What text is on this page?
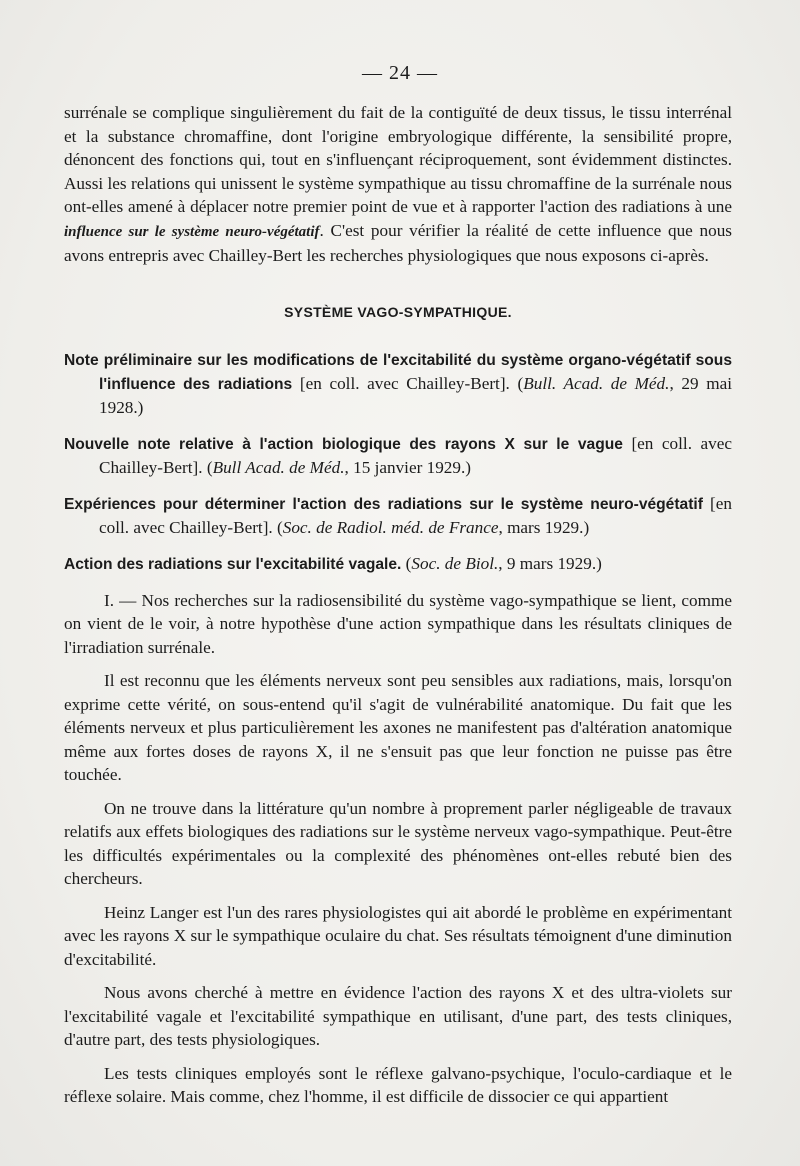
— 24 —

surrénale se complique singulièrement du fait de la contiguïté de deux tissus, le tissu interrénal et la substance chromaffine, dont l'origine embryologique différente, la sensibilité propre, dénoncent des fonctions qui, tout en s'influençant réciproquement, sont évidemment distinctes. Aussi les relations qui unissent le système sympathique au tissu chromaffine de la surrénale nous ont-elles amené à déplacer notre premier point de vue et à rapporter l'action des radiations à une influence sur le système neuro-végétatif. C'est pour vérifier la réalité de cette influence que nous avons entrepris avec Chailley-Bert les recherches physiologiques que nous exposons ci-après.

SYSTÈME VAGO-SYMPATHIQUE.
Note préliminaire sur les modifications de l'excitabilité du système organo-végétatif sous l'influence des radiations [en coll. avec Chailley-Bert]. (Bull. Acad. de Méd., 29 mai 1928.)
Nouvelle note relative à l'action biologique des rayons X sur le vague [en coll. avec Chailley-Bert]. (Bull Acad. de Méd., 15 janvier 1929.)
Expériences pour déterminer l'action des radiations sur le système neuro-végétatif [en coll. avec Chailley-Bert]. (Soc. de Radiol. méd. de France, mars 1929.)
Action des radiations sur l'excitabilité vagale. (Soc. de Biol., 9 mars 1929.)

I. — Nos recherches sur la radiosensibilité du système vago-sympathique se lient, comme on vient de le voir, à notre hypothèse d'une action sympathique dans les résultats cliniques de l'irradiation surrénale.

Il est reconnu que les éléments nerveux sont peu sensibles aux radiations, mais, lorsqu'on exprime cette vérité, on sous-entend qu'il s'agit de vulnérabilité anatomique. Du fait que les éléments nerveux et plus particulièrement les axones ne manifestent pas d'altération anatomique même aux fortes doses de rayons X, il ne s'ensuit pas que leur fonction ne puisse pas être touchée.

On ne trouve dans la littérature qu'un nombre à proprement parler négligeable de travaux relatifs aux effets biologiques des radiations sur le système nerveux vago-sympathique. Peut-être les difficultés expérimentales ou la complexité des phénomènes ont-elles rebuté bien des chercheurs.

Heinz Langer est l'un des rares physiologistes qui ait abordé le problème en expérimentant avec les rayons X sur le sympathique oculaire du chat. Ses résultats témoignent d'une diminution d'excitabilité.

Nous avons cherché à mettre en évidence l'action des rayons X et des ultra-violets sur l'excitabilité vagale et l'excitabilité sympathique en utilisant, d'une part, des tests cliniques, d'autre part, des tests physiologiques.

Les tests cliniques employés sont le réflexe galvano-psychique, l'oculo-cardiaque et le réflexe solaire. Mais comme, chez l'homme, il est difficile de dissocier ce qui appartient
